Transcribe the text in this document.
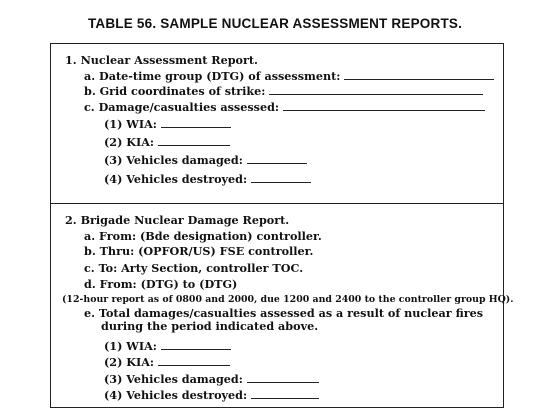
TABLE 56. SAMPLE NUCLEAR ASSESSMENT REPORTS.
1. Nuclear Assessment Report.
a. Date-time group (DTG) of assessment:
b. Grid coordinates of strike:
c. Damage/casualties assessed:
(1) WIA:
(2) KIA:
(3) Vehicles damaged:
(4) Vehicles destroyed:
2. Brigade Nuclear Damage Report.
a. From: (Bde designation) controller.
b. Thru: (OPFOR/US) FSE controller.
c. To: Arty Section, controller TOC.
d. From: (DTG) to (DTG)
(12-hour report as of 0800 and 2000, due 1200 and 2400 to the controller group HQ).
e. Total damages/casualties assessed as a result of nuclear fires
during the period indicated above.
(1) WIA:
(2) KIA:
(3) Vehicles damaged:
(4) Vehicles destroyed:
